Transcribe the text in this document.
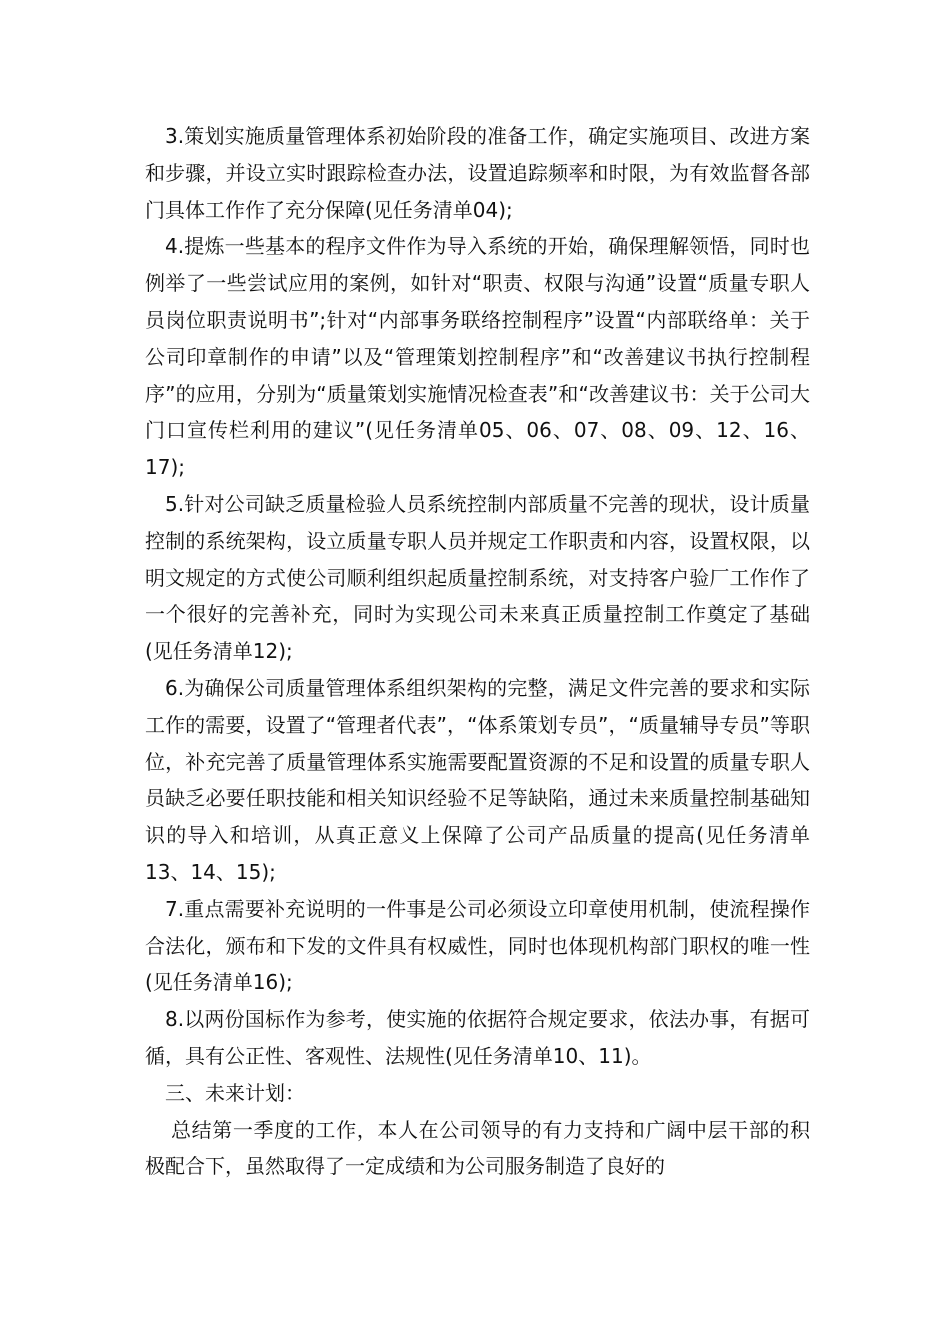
3.策划实施质量管理体系初始阶段的准备工作，确定实施项目、改进方案和步骤，并设立实时跟踪检查办法，设置追踪频率和时限，为有效监督各部门具体工作作了充分保障(见任务清单04);

4.提炼一些基本的程序文件作为导入系统的开始，确保理解领悟，同时也例举了一些尝试应用的案例，如针对“职责、权限与沟通”设置“质量专职人员岗位职责说明书”;针对“内部事务联络控制程序”设置“内部联络单：关于公司印章制作的申请”以及“管理策划控制程序”和“改善建议书执行控制程序”的应用，分别为“质量策划实施情况检查表”和“改善建议书：关于公司大门口宣传栏利用的建议”(见任务清单05、06、07、08、09、12、16、17);

5.针对公司缺乏质量检验人员系统控制内部质量不完善的现状，设计质量控制的系统架构，设立质量专职人员并规定工作职责和内容，设置权限，以明文规定的方式使公司顺利组织起质量控制系统，对支持客户验厂工作作了一个很好的完善补充，同时为实现公司未来真正质量控制工作奠定了基础(见任务清单12);

6.为确保公司质量管理体系组织架构的完整，满足文件完善的要求和实际工作的需要，设置了“管理者代表”，“体系策划专员”，“质量辅导专员”等职位，补充完善了质量管理体系实施需要配置资源的不足和设置的质量专职人员缺乏必要任职技能和相关知识经验不足等缺陷，通过未来质量控制基础知识的导入和培训，从真正意义上保障了公司产品质量的提高(见任务清单13、14、15);

7.重点需要补充说明的一件事是公司必须设立印章使用机制，使流程操作合法化，颁布和下发的文件具有权威性，同时也体现机构部门职权的唯一性(见任务清单16);

8.以两份国标作为参考，使实施的依据符合规定要求，依法办事，有据可循，具有公正性、客观性、法规性(见任务清单10、11)。

三、未来计划：

总结第一季度的工作，本人在公司领导的有力支持和广阔中层干部的积极配合下，虽然取得了一定成绩和为公司服务制造了良好的
